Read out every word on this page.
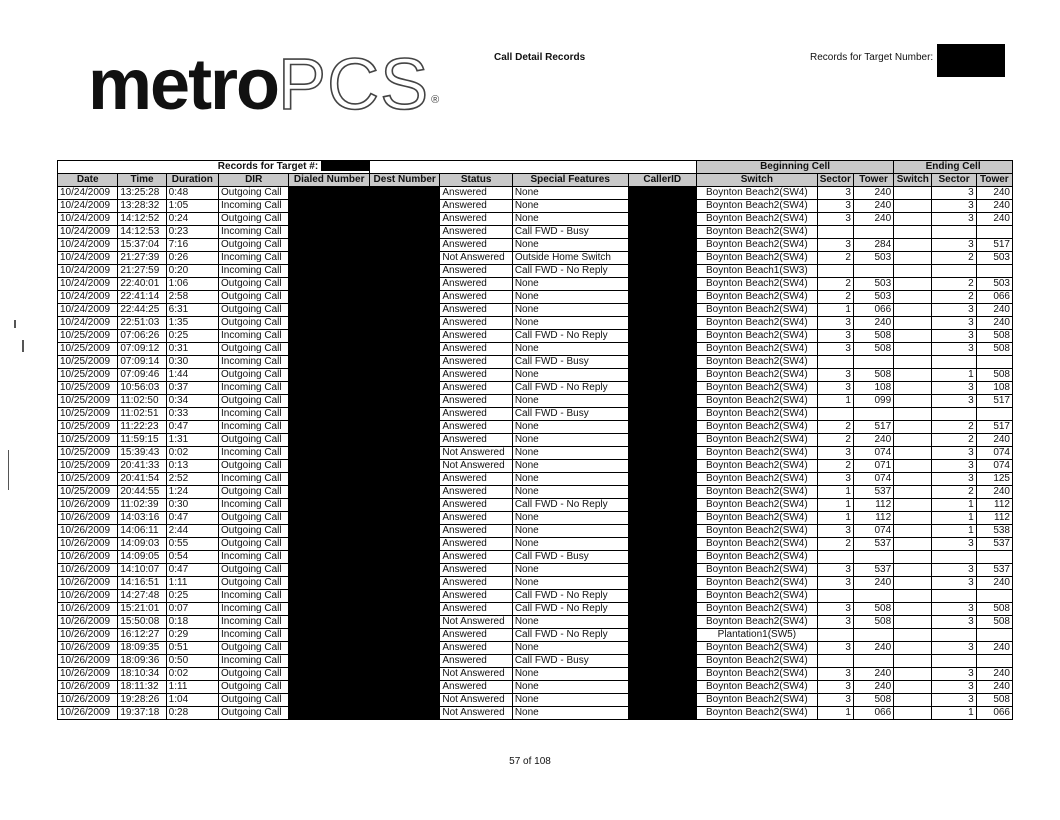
metroPCS ®
Call Detail Records	Records for Target Number:
Records for Target #:									Beginning Cell			Ending Cell		
Date	Time	Duration	DIR	Dialed Number	Dest Number	Status	Special Features	CallerID	Switch	Sector	Tower	Switch	Sector	Tower
10/24/2009	13:25:28	0:48	Outgoing Call			Answered	None		Boynton Beach2(SW4)	3	240		3	240
10/24/2009	13:28:32	1:05	Incoming Call			Answered	None		Boynton Beach2(SW4)	3	240		3	240
10/24/2009	14:12:52	0:24	Outgoing Call			Answered	None		Boynton Beach2(SW4)	3	240		3	240
10/24/2009	14:12:53	0:23	Incoming Call			Answered	Call FWD - Busy		Boynton Beach2(SW4)					
10/24/2009	15:37:04	7:16	Outgoing Call			Answered	None		Boynton Beach2(SW4)	3	284		3	517
10/24/2009	21:27:39	0:26	Incoming Call			Not Answered	Outside Home Switch		Boynton Beach2(SW4)	2	503		2	503
10/24/2009	21:27:59	0:20	Incoming Call			Answered	Call FWD - No Reply		Boynton Beach1(SW3)					
10/24/2009	22:40:01	1:06	Outgoing Call			Answered	None		Boynton Beach2(SW4)	2	503		2	503
10/24/2009	22:41:14	2:58	Outgoing Call			Answered	None		Boynton Beach2(SW4)	2	503		2	066
10/24/2009	22:44:25	6:31	Outgoing Call			Answered	None		Boynton Beach2(SW4)	1	066		3	240
10/24/2009	22:51:03	1:35	Outgoing Call			Answered	None		Boynton Beach2(SW4)	3	240		3	240
10/25/2009	07:06:26	0:25	Incoming Call			Answered	Call FWD - No Reply		Boynton Beach2(SW4)	3	508		3	508
10/25/2009	07:09:12	0:31	Outgoing Call			Answered	None		Boynton Beach2(SW4)	3	508		3	508
10/25/2009	07:09:14	0:30	Incoming Call			Answered	Call FWD - Busy		Boynton Beach2(SW4)					
10/25/2009	07:09:46	1:44	Outgoing Call			Answered	None		Boynton Beach2(SW4)	3	508		1	508
10/25/2009	10:56:03	0:37	Incoming Call			Answered	Call FWD - No Reply		Boynton Beach2(SW4)	3	108		3	108
10/25/2009	11:02:50	0:34	Outgoing Call			Answered	None		Boynton Beach2(SW4)	1	099		3	517
10/25/2009	11:02:51	0:33	Incoming Call			Answered	Call FWD - Busy		Boynton Beach2(SW4)					
10/25/2009	11:22:23	0:47	Incoming Call			Answered	None		Boynton Beach2(SW4)	2	517		2	517
10/25/2009	11:59:15	1:31	Outgoing Call			Answered	None		Boynton Beach2(SW4)	2	240		2	240
10/25/2009	15:39:43	0:02	Incoming Call			Not Answered	None		Boynton Beach2(SW4)	3	074		3	074
10/25/2009	20:41:33	0:13	Outgoing Call			Not Answered	None		Boynton Beach2(SW4)	2	071		3	074
10/25/2009	20:41:54	2:52	Incoming Call			Answered	None		Boynton Beach2(SW4)	3	074		3	125
10/25/2009	20:44:55	1:24	Outgoing Call			Answered	None		Boynton Beach2(SW4)	1	537		2	240
10/26/2009	11:02:39	0:30	Incoming Call			Answered	Call FWD - No Reply		Boynton Beach2(SW4)	1	112		1	112
10/26/2009	14:03:16	0:47	Outgoing Call			Answered	None		Boynton Beach2(SW4)	1	112		1	112
10/26/2009	14:06:11	2:44	Outgoing Call			Answered	None		Boynton Beach2(SW4)	3	074		1	538
10/26/2009	14:09:03	0:55	Outgoing Call			Answered	None		Boynton Beach2(SW4)	2	537		3	537
10/26/2009	14:09:05	0:54	Incoming Call			Answered	Call FWD - Busy		Boynton Beach2(SW4)					
10/26/2009	14:10:07	0:47	Outgoing Call			Answered	None		Boynton Beach2(SW4)	3	537		3	537
10/26/2009	14:16:51	1:11	Outgoing Call			Answered	None		Boynton Beach2(SW4)	3	240		3	240
10/26/2009	14:27:48	0:25	Incoming Call			Answered	Call FWD - No Reply		Boynton Beach2(SW4)					
10/26/2009	15:21:01	0:07	Incoming Call			Answered	Call FWD - No Reply		Boynton Beach2(SW4)	3	508		3	508
10/26/2009	15:50:08	0:18	Incoming Call			Not Answered	None		Boynton Beach2(SW4)	3	508		3	508
10/26/2009	16:12:27	0:29	Incoming Call			Answered	Call FWD - No Reply		Plantation1(SW5)					
10/26/2009	18:09:35	0:51	Outgoing Call			Answered	None		Boynton Beach2(SW4)	3	240		3	240
10/26/2009	18:09:36	0:50	Incoming Call			Answered	Call FWD - Busy		Boynton Beach2(SW4)					
10/26/2009	18:10:34	0:02	Outgoing Call			Not Answered	None		Boynton Beach2(SW4)	3	240		3	240
10/26/2009	18:11:32	1:11	Outgoing Call			Answered	None		Boynton Beach2(SW4)	3	240		3	240
10/26/2009	19:28:26	1:04	Outgoing Call			Not Answered	None		Boynton Beach2(SW4)	3	508		3	508
10/26/2009	19:37:18	0:28	Outgoing Call			Not Answered	None		Boynton Beach2(SW4)	1	066		1	066
57 of 108
